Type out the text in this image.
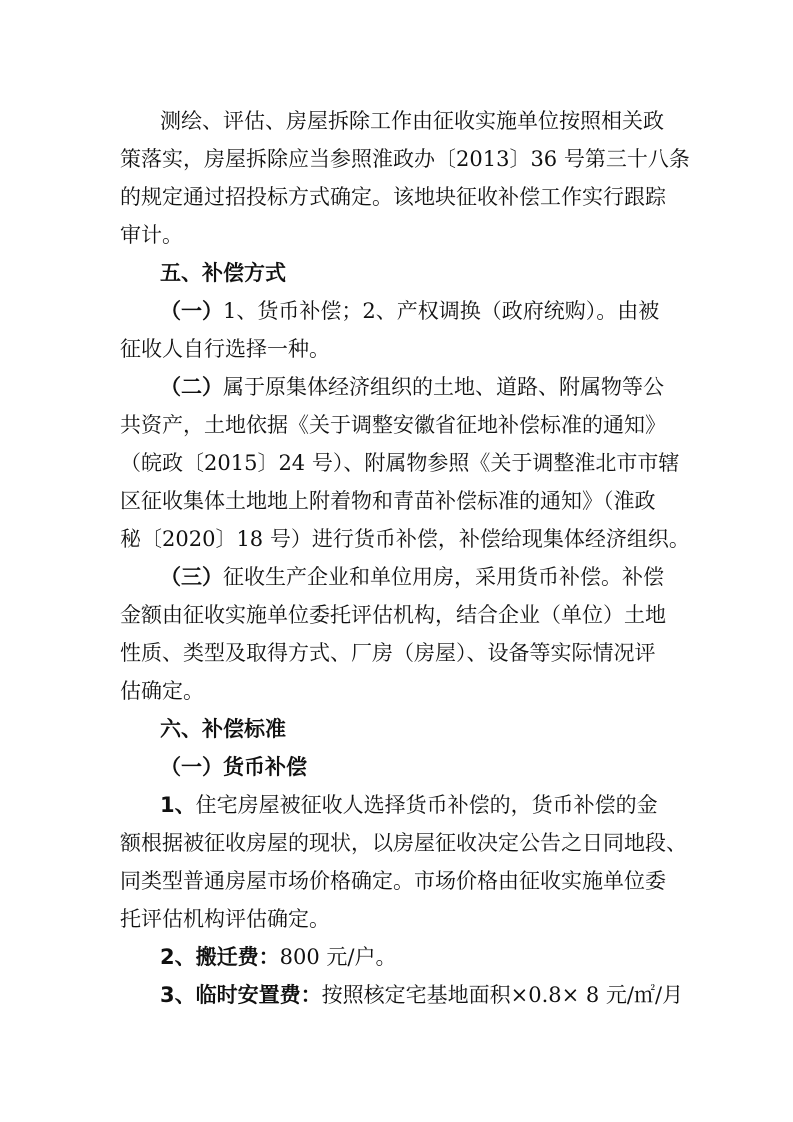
测绘、评估、房屋拆除工作由征收实施单位按照相关政
策落实，房屋拆除应当参照淮政办〔2013〕36 号第三十八条
的规定通过招投标方式确定。该地块征收补偿工作实行跟踪
审计。
五、补偿方式
（一）1、货币补偿；2、产权调换（政府统购）。由被
征收人自行选择一种。
（二）属于原集体经济组织的土地、道路、附属物等公
共资产，土地依据《关于调整安徽省征地补偿标准的通知》
（皖政〔2015〕24 号）、附属物参照《关于调整淮北市市辖
区征收集体土地地上附着物和青苗补偿标准的通知》（淮政
秘〔2020〕18 号）进行货币补偿，补偿给现集体经济组织。
（三）征收生产企业和单位用房，采用货币补偿。补偿
金额由征收实施单位委托评估机构，结合企业（单位）土地
性质、类型及取得方式、厂房（房屋）、设备等实际情况评
估确定。
六、补偿标准
（一）货币补偿
1、住宅房屋被征收人选择货币补偿的，货币补偿的金
额根据被征收房屋的现状，以房屋征收决定公告之日同地段、
同类型普通房屋市场价格确定。市场价格由征收实施单位委
托评估机构评估确定。
2、搬迁费：800 元/户。
3、临时安置费：按照核定宅基地面积×0.8× 8 元/㎡/月
